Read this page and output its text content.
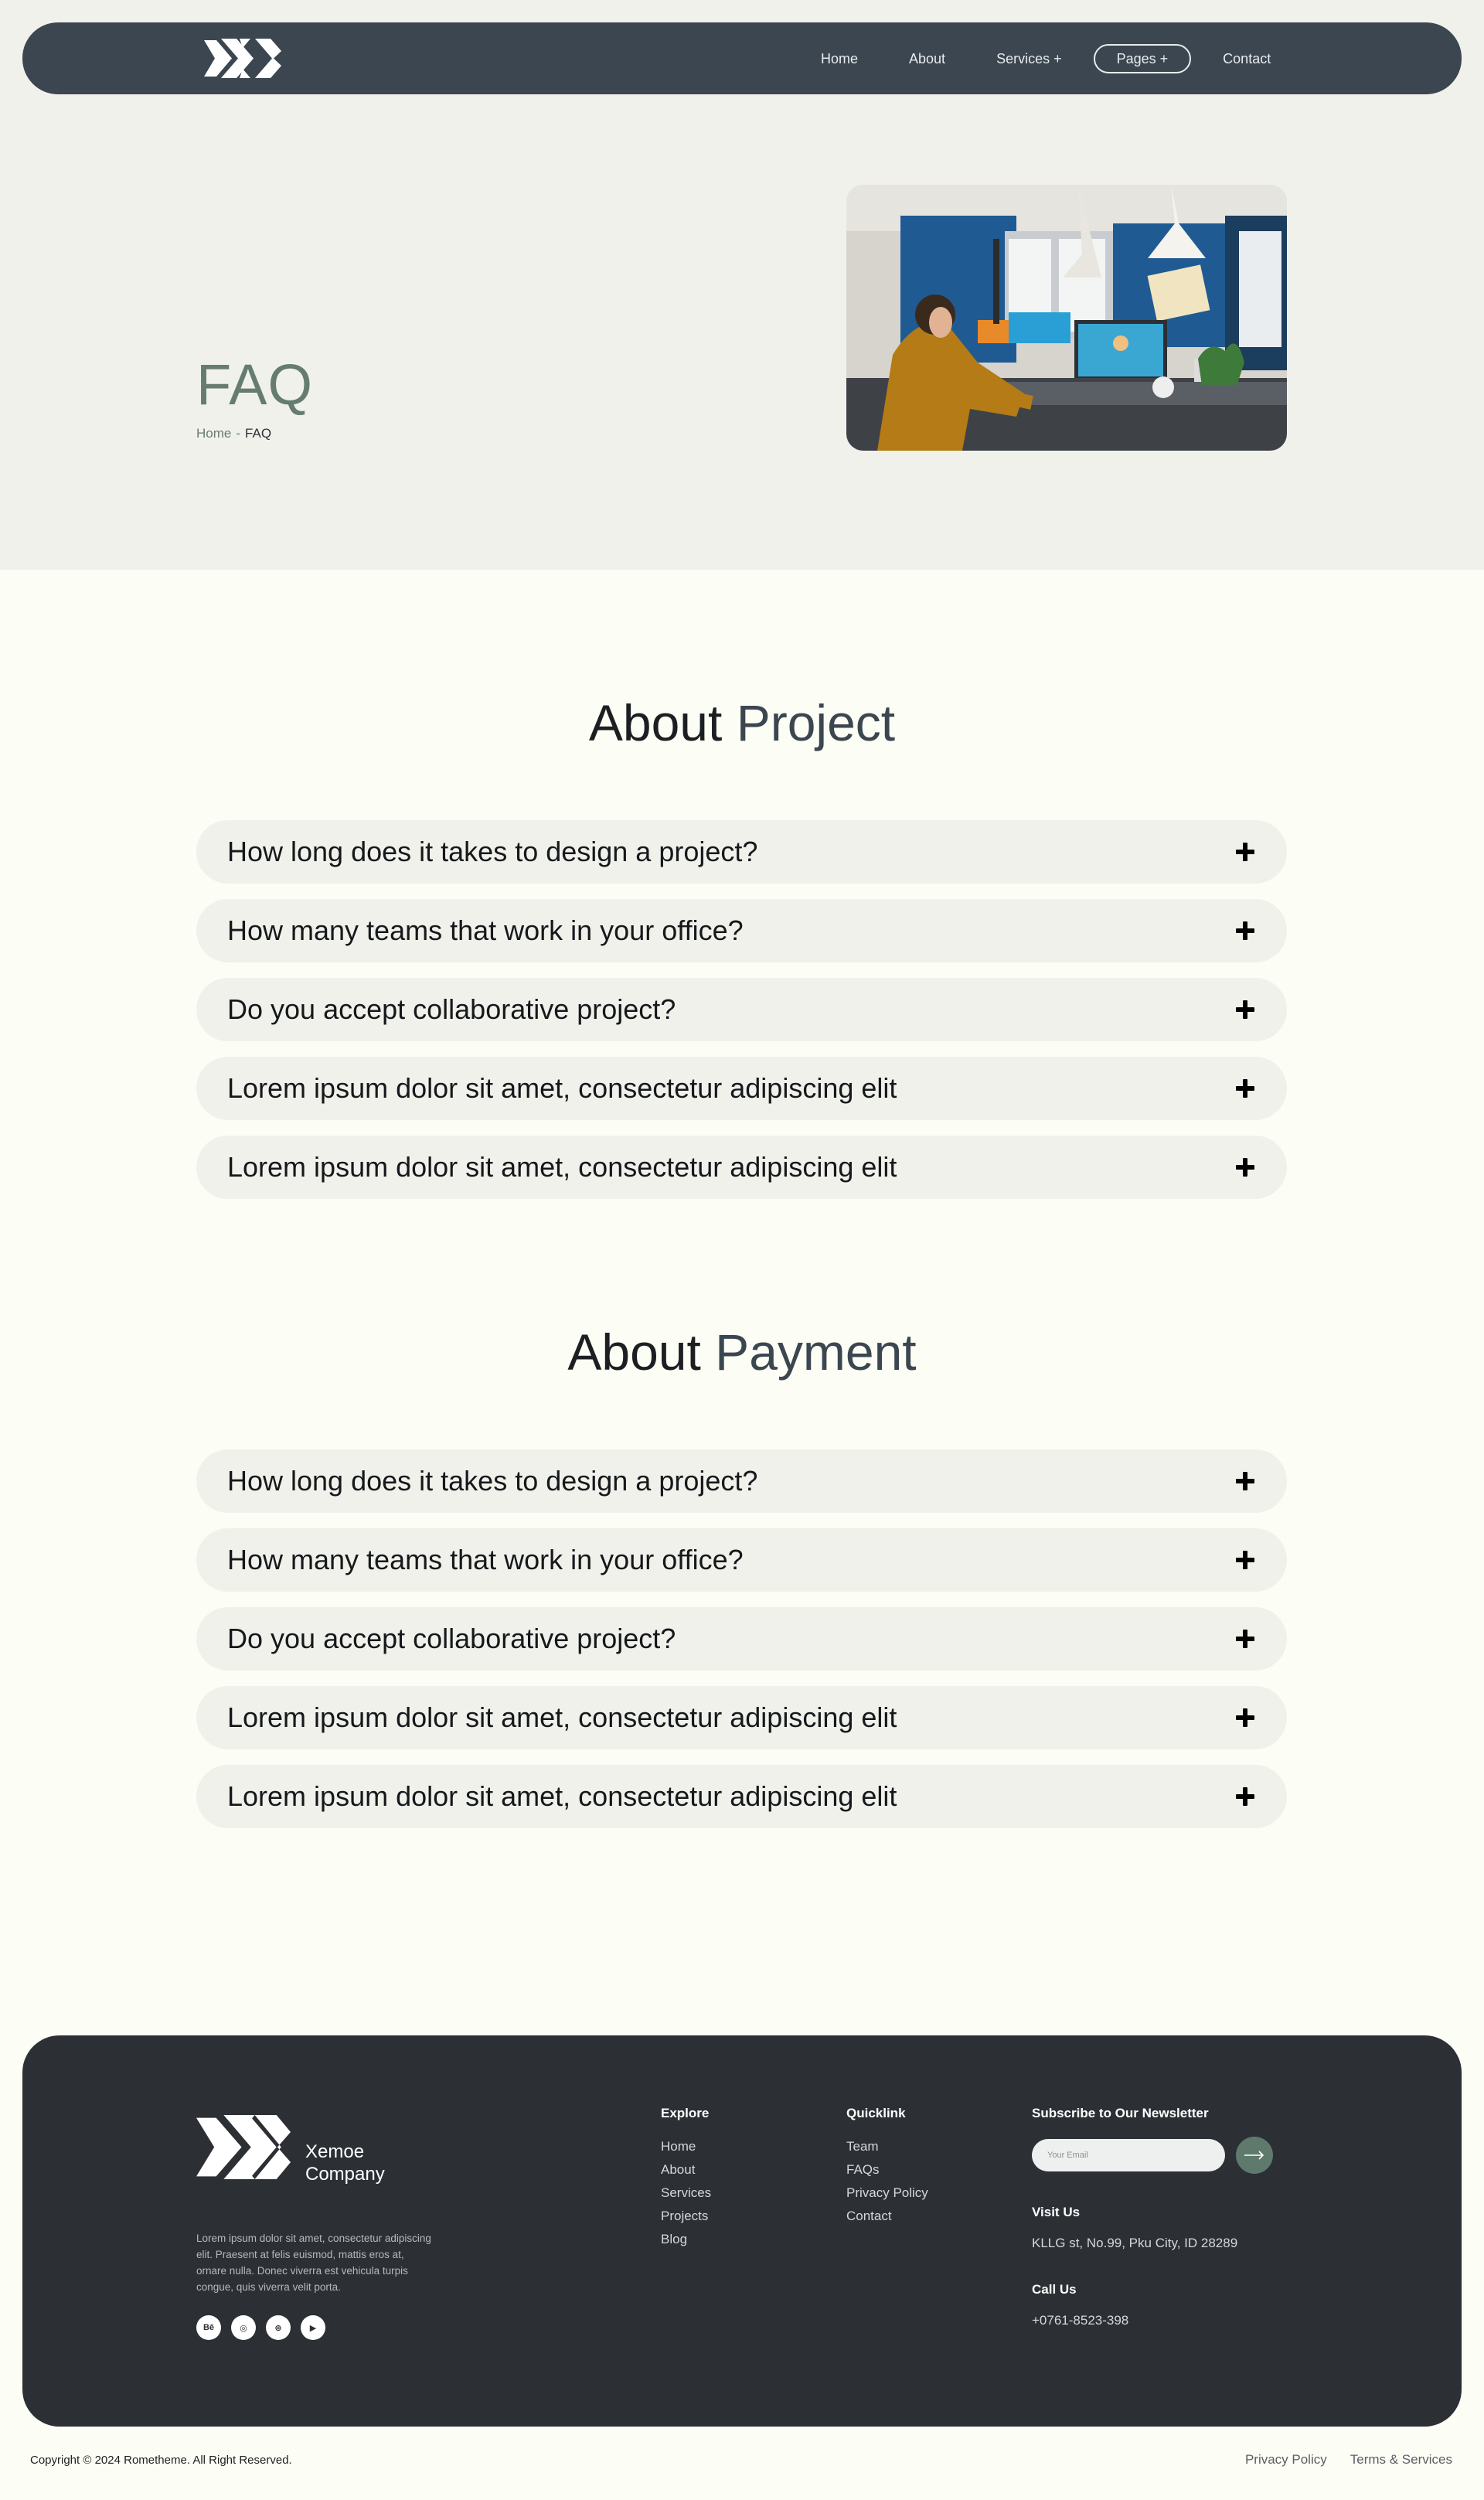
Home	About	Services +	Pages +	Contact
FAQ
Home - FAQ
About Project
How long does it takes to design a project?
How many teams that work in your office?
Do you accept collaborative project?
Lorem ipsum dolor sit amet, consectetur adipiscing elit
Lorem ipsum dolor sit amet, consectetur adipiscing elit
About Payment
How long does it takes to design a project?
How many teams that work in your office?
Do you accept collaborative project?
Lorem ipsum dolor sit amet, consectetur adipiscing elit
Lorem ipsum dolor sit amet, consectetur adipiscing elit
Xemoe
Company

Lorem ipsum dolor sit amet, consectetur adipiscing elit. Praesent at felis euismod, mattis eros at, ornare nulla. Donec viverra est vehicula turpis congue, quis viverra velit porta.

Bē	◎	⊛	▶
Explore
Home
About
Services
Projects
Blog
Quicklink
Team
FAQs
Privacy Policy
Contact
Subscribe to Our Newsletter
Your Email
Visit Us
KLLG st, No.99, Pku City, ID 28289
Call Us
+0761-8523-398
Copyright © 2024 Rometheme. All Right Reserved.	Privacy Policy Terms & Services
